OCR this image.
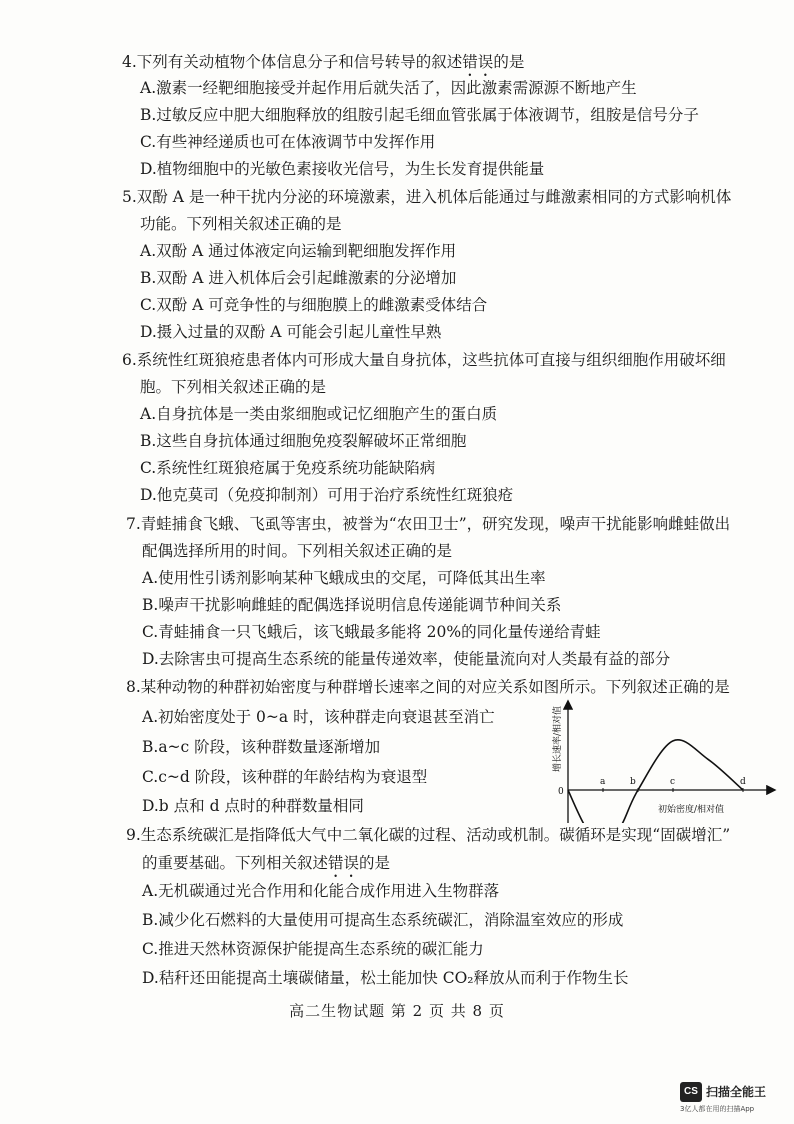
4.下列有关动植物个体信息分子和信号转导的叙述错误的是
A.激素一经靶细胞接受并起作用后就失活了，因此激素需源源不断地产生
B.过敏反应中肥大细胞释放的组胺引起毛细血管张属于体液调节，组胺是信号分子
C.有些神经递质也可在体液调节中发挥作用
D.植物细胞中的光敏色素接收光信号，为生长发育提供能量
5.双酚 A 是一种干扰内分泌的环境激素，进入机体后能通过与雌激素相同的方式影响机体
功能。下列相关叙述正确的是
A.双酚 A 通过体液定向运输到靶细胞发挥作用
B.双酚 A 进入机体后会引起雌激素的分泌增加
C.双酚 A 可竞争性的与细胞膜上的雌激素受体结合
D.摄入过量的双酚 A 可能会引起儿童性早熟
6.系统性红斑狼疮患者体内可形成大量自身抗体，这些抗体可直接与组织细胞作用破坏细
胞。下列相关叙述正确的是
A.自身抗体是一类由浆细胞或记忆细胞产生的蛋白质
B.这些自身抗体通过细胞免疫裂解破坏正常细胞
C.系统性红斑狼疮属于免疫系统功能缺陷病
D.他克莫司（免疫抑制剂）可用于治疗系统性红斑狼疮
7.青蛙捕食飞蛾、飞虱等害虫，被誉为“农田卫士”，研究发现，噪声干扰能影响雌蛙做出
配偶选择所用的时间。下列相关叙述正确的是
A.使用性引诱剂影响某种飞蛾成虫的交尾，可降低其出生率
B.噪声干扰影响雌蛙的配偶选择说明信息传递能调节种间关系
C.青蛙捕食一只飞蛾后，该飞蛾最多能将 20%的同化量传递给青蛙
D.去除害虫可提高生态系统的能量传递效率，使能量流向对人类最有益的部分
8.某种动物的种群初始密度与种群增长速率之间的对应关系如图所示。下列叙述正确的是
A.初始密度处于 0~a 时，该种群走向衰退甚至消亡
B.a~c 阶段，该种群数量逐渐增加
C.c~d 阶段，该种群的年龄结构为衰退型
D.b 点和 d 点时的种群数量相同
a	b	c	d
0
初始密度/相对值
增长速率/相对值
9.生态系统碳汇是指降低大气中二氧化碳的过程、活动或机制。碳循环是实现“固碳增汇”
的重要基础。下列相关叙述错误的是
A.无机碳通过光合作用和化能合成作用进入生物群落
B.减少化石燃料的大量使用可提高生态系统碳汇，消除温室效应的形成
C.推进天然林资源保护能提高生态系统的碳汇能力
D.秸秆还田能提高土壤碳储量，松土能加快 CO₂释放从而利于作物生长
高二生物试题 第 2 页 共 8 页
CS 扫描全能王
3亿人都在用的扫描App
